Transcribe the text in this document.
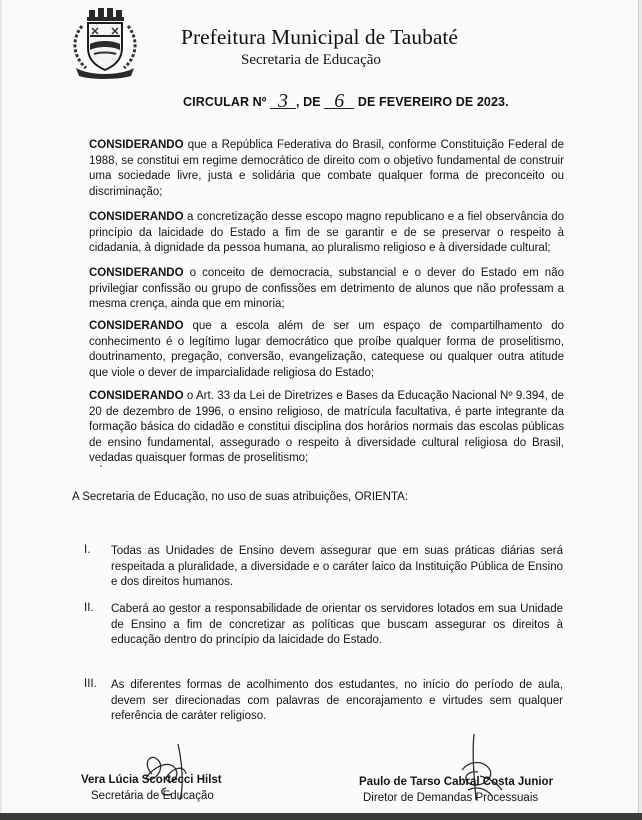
Prefeitura Municipal de Taubaté
Secretaria de Educação
CIRCULAR Nº 3 , DE 6 DE FEVEREIRO DE 2023.
CONSIDERANDO que a República Federativa do Brasil, conforme Constituição Federal de 1988, se constitui em regime democrático de direito com o objetivo fundamental de construir uma sociedade livre, justa e solidária que combate qualquer forma de preconceito ou discriminação;
CONSIDERANDO a concretização desse escopo magno republicano e a fiel observância do princípio da laicidade do Estado a fim de se garantir e de se preservar o respeito à cidadania, à dignidade da pessoa humana, ao pluralismo religioso e à diversidade cultural;
CONSIDERANDO o conceito de democracia, substancial e o dever do Estado em não privilegiar confissão ou grupo de confissões em detrimento de alunos que não professam a mesma crença, ainda que em minoria;
CONSIDERANDO que a escola além de ser um espaço de compartilhamento do conhecimento é o legítimo lugar democrático que proíbe qualquer forma de proselitismo, doutrinamento, pregação, conversão, evangelização, catequese ou qualquer outra atitude que viole o dever de imparcialidade religiosa do Estado;
CONSIDERANDO o Art. 33 da Lei de Diretrizes e Bases da Educação Nacional Nº 9.394, de 20 de dezembro de 1996, o ensino religioso, de matrícula facultativa, é parte integrante da formação básica do cidadão e constitui disciplina dos horários normais das escolas públicas de ensino fundamental, assegurado o respeito à diversidade cultural religiosa do Brasil, vedadas quaisquer formas de proselitismo;
'
A Secretaria de Educação, no uso de suas atribuições, ORIENTA:
I. Todas as Unidades de Ensino devem assegurar que em suas práticas diárias será respeitada a pluralidade, a diversidade e o caráter laico da Instituição Pública de Ensino e dos direitos humanos.
II. Caberá ao gestor a responsabilidade de orientar os servidores lotados em sua Unidade de Ensino a fim de concretizar as políticas que buscam assegurar os direitos à educação dentro do princípio da laicidade do Estado.
III. As diferentes formas de acolhimento dos estudantes, no início do período de aula, devem ser direcionadas com palavras de encorajamento e virtudes sem qualquer referência de caráter religioso.
Vera Lúcia Scortecci Hilst
Secretária de Educação
Paulo de Tarso Cabral Costa Junior
Diretor de Demandas Processuais
